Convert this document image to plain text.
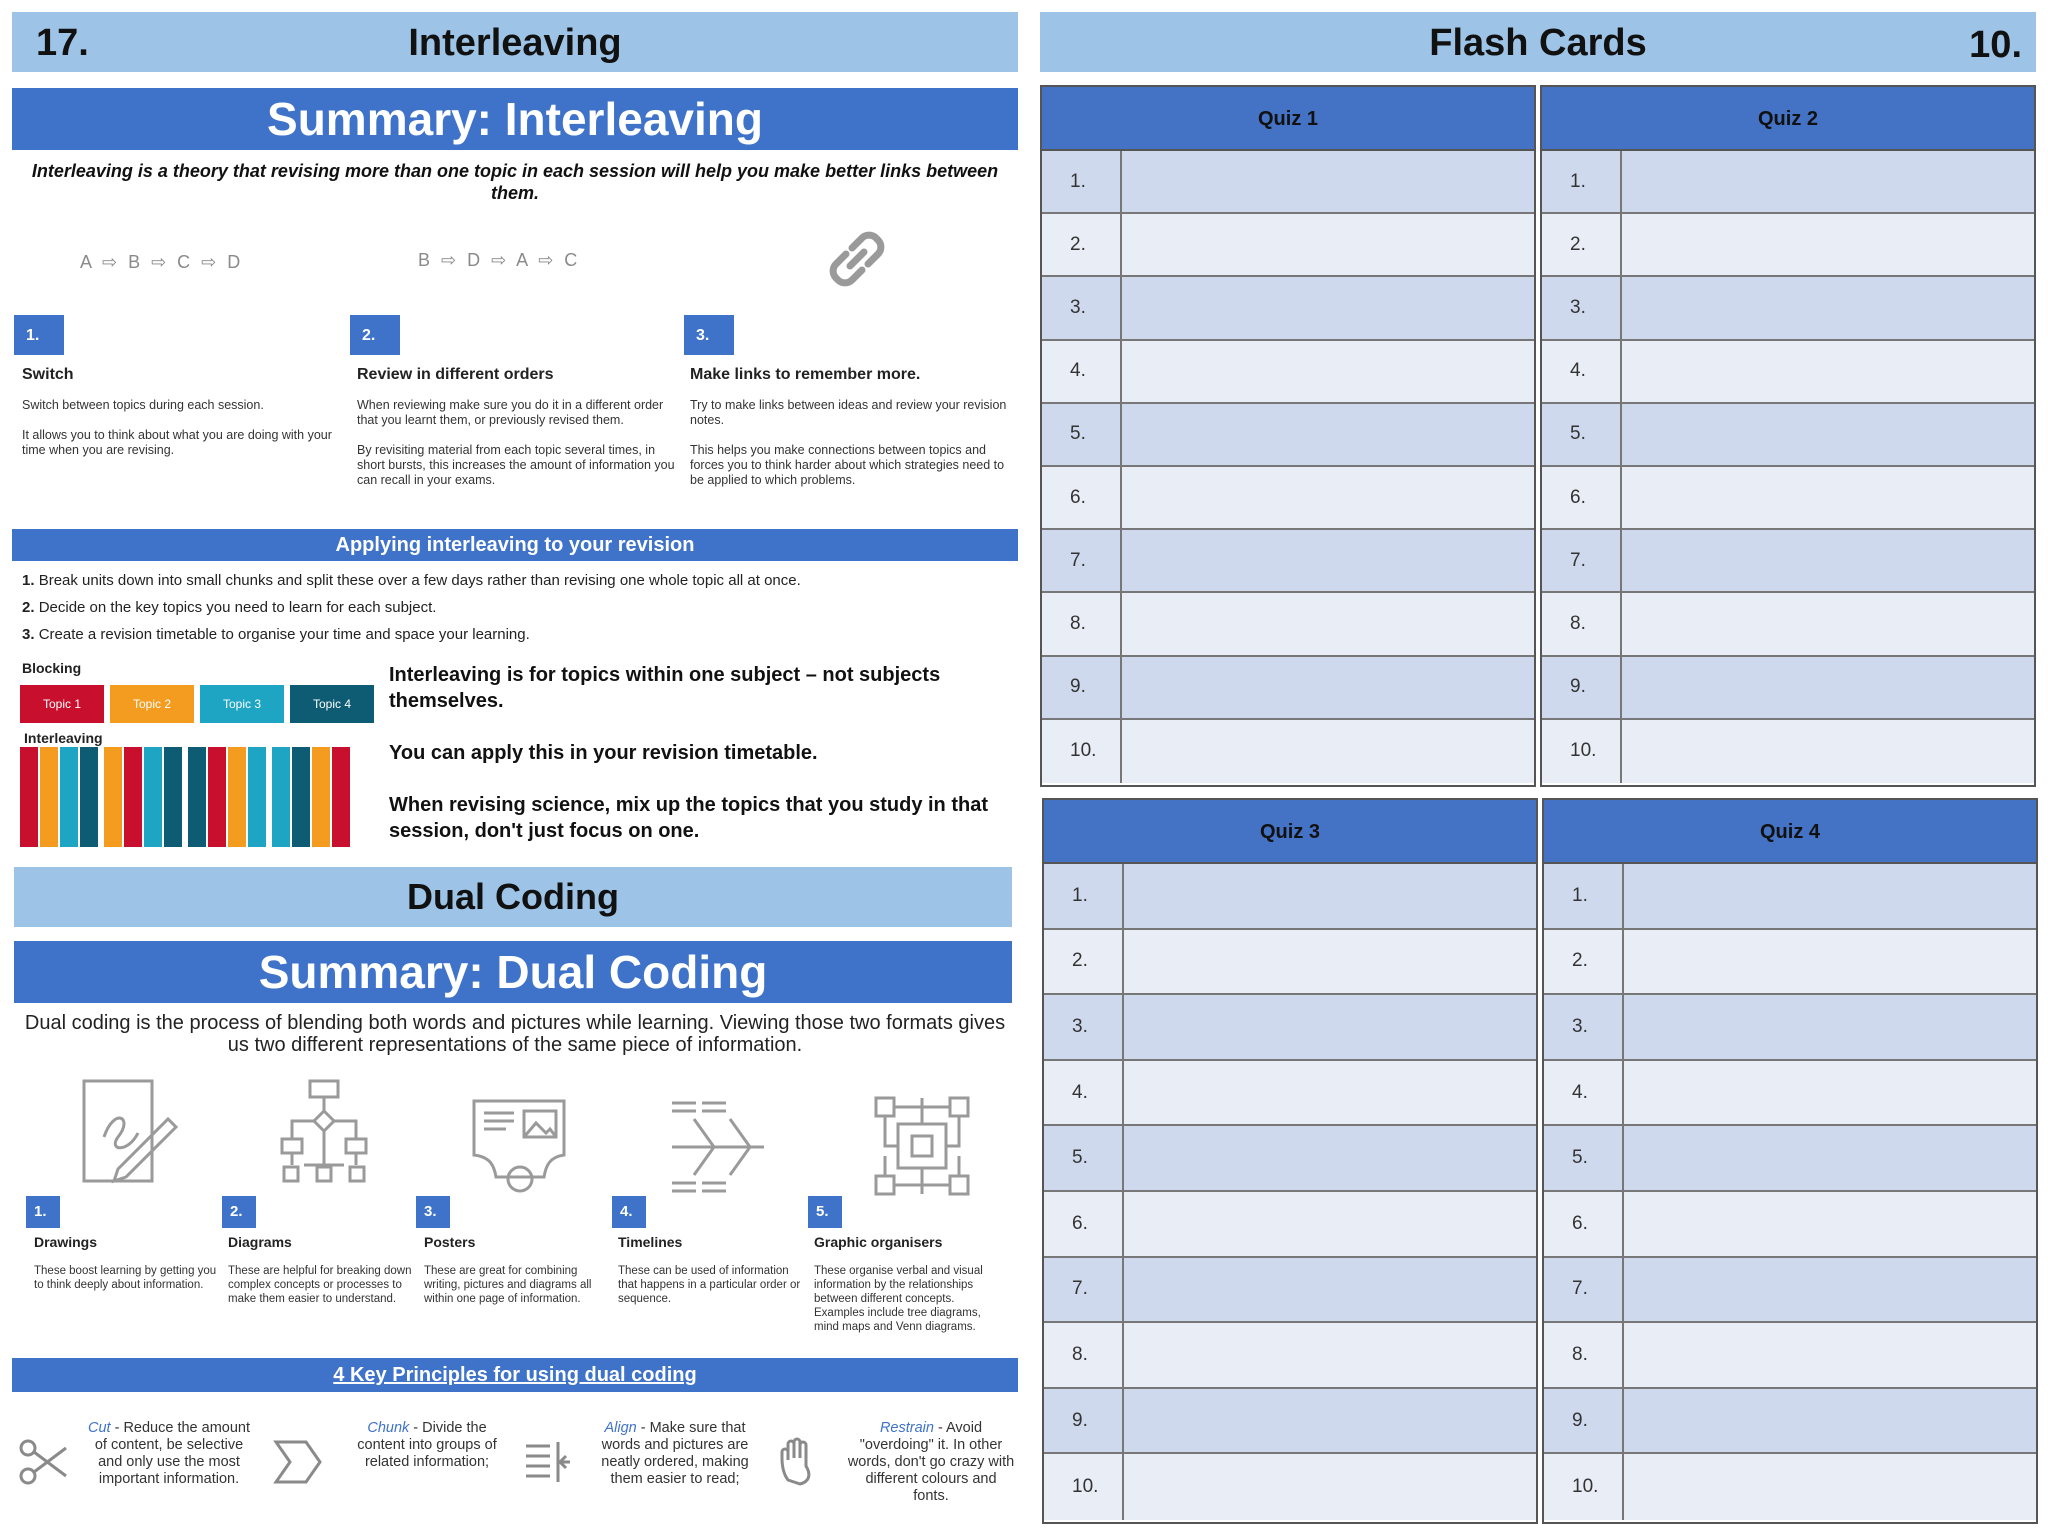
17.	Interleaving
Summary: Interleaving
Interleaving is a theory that revising more than one topic in each session will help you make better links between them.
A ⇨ B ⇨ C ⇨ D	B ⇨ D ⇨ A ⇨ C
1.
Switch

Switch between topics during each session.

It allows you to think about what you are doing with your time when you are revising.

2.
Review in different orders

When reviewing make sure you do it in a different order that you learnt them, or previously revised them.

By revisiting material from each topic several times, in short bursts, this increases the amount of information you can recall in your exams.

3.
Make links to remember more.

Try to make links between ideas and review your revision notes.

This helps you make connections between topics and forces you to think harder about which strategies need to be applied to which problems.

Applying interleaving to your revision
1. Break units down into small chunks and split these over a few days rather than revising one whole topic all at once.
2. Decide on the key topics you need to learn for each subject.
3. Create a revision timetable to organise your time and space your learning.
Blocking
Topic 1	Topic 2	Topic 3	Topic 4
Interleaving
Interleaving is for topics within one subject – not subjects themselves.
You can apply this in your revision timetable.
When revising science, mix up the topics that you study in that session, don't just focus on one.
Dual Coding
Summary: Dual Coding
Dual coding is the process of blending both words and pictures while learning. Viewing those two formats gives us two different representations of the same piece of information.
1.
Drawings
These boost learning by getting you to think deeply about information.
2.
Diagrams
These are helpful for breaking down complex concepts or processes to make them easier to understand.
3.
Posters
These are great for combining writing, pictures and diagrams all within one page of information.
4.
Timelines
These can be used of information that happens in a particular order or sequence.
5.
Graphic organisers
These organise verbal and visual information by the relationships between different concepts. Examples include tree diagrams, mind maps and Venn diagrams.
4 Key Principles for using dual coding
Cut - Reduce the amount of content, be selective and only use the most important information.
Chunk - Divide the content into groups of related information;
Align - Make sure that words and pictures are neatly ordered, making them easier to read;
Restrain - Avoid "overdoing" it. In other words, don't go crazy with different colours and fonts.
Flash Cards	10.
Quiz 1
1.
2.
3.
4.
5.
6.
7.
8.
9.
10.
Quiz 2
1.
2.
3.
4.
5.
6.
7.
8.
9.
10.
Quiz 3
1.
2.
3.
4.
5.
6.
7.
8.
9.
10.
Quiz 4
1.
2.
3.
4.
5.
6.
7.
8.
9.
10.
